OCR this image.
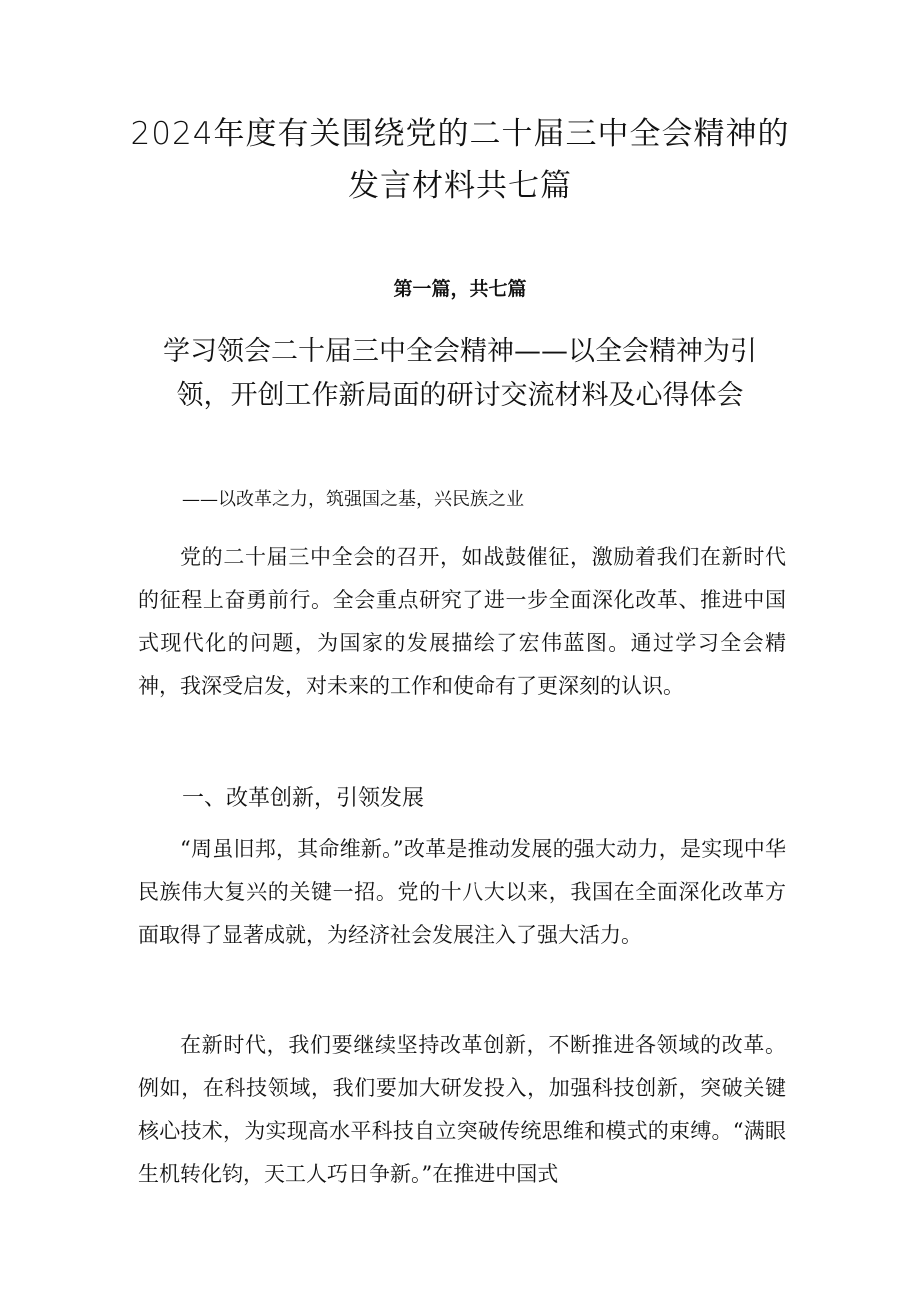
2024年度有关围绕党的二十届三中全会精神的发言材料共七篇
第一篇，共七篇
学习领会二十届三中全会精神——以全会精神为引领，开创工作新局面的研讨交流材料及心得体会
——以改革之力，筑强国之基，兴民族之业

党的二十届三中全会的召开，如战鼓催征，激励着我们在新时代的征程上奋勇前行。全会重点研究了进一步全面深化改革、推进中国式现代化的问题，为国家的发展描绘了宏伟蓝图。通过学习全会精神，我深受启发，对未来的工作和使命有了更深刻的认识。

一、改革创新，引领发展

“周虽旧邦，其命维新。”改革是推动发展的强大动力，是实现中华民族伟大复兴的关键一招。党的十八大以来，我国在全面深化改革方面取得了显著成就，为经济社会发展注入了强大活力。

在新时代，我们要继续坚持改革创新，不断推进各领域的改革。例如，在科技领域，我们要加大研发投入，加强科技创新，突破关键核心技术，为实现高水平科技自立突破传统思维和模式的束缚。“满眼生机转化钧，天工人巧日争新。”在推进中国式
